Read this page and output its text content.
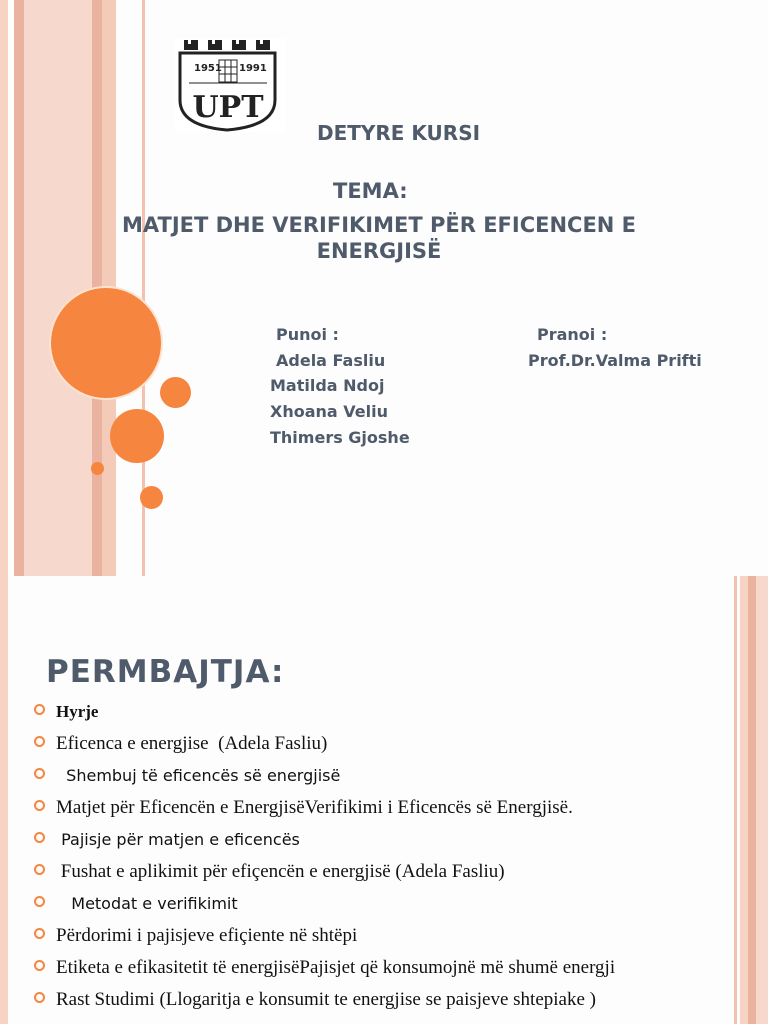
1951 1991
UPT
DETYRE KURSI
TEMA:
MATJET DHE VERIFIKIMET PËR EFICENCEN E
ENERGJISË
Punoi :
Adela Fasliu
Matilda Ndoj
Xhoana Veliu
Thimers Gjoshe
Pranoi :
Prof.Dr.Valma Prifti
PERMBAJTJA:
Hyrje
Eficenca e energjise  (Adela Fasliu)
Shembuj të eficencës së energjisë
Matjet për Eficencën e EnergjisëVerifikimi i Eficencës së Energjisë.
Pajisje për matjen e eficencës
Fushat e aplikimit për efiçencën e energjisë (Adela Fasliu)
Metodat e verifikimit
Përdorimi i pajisjeve efiçiente në shtëpi
Etiketa e efikasitetit të energjisëPajisjet që konsumojnë më shumë energji
Rast Studimi (Llogaritja e konsumit te energjise se paisjeve shtepiake )
